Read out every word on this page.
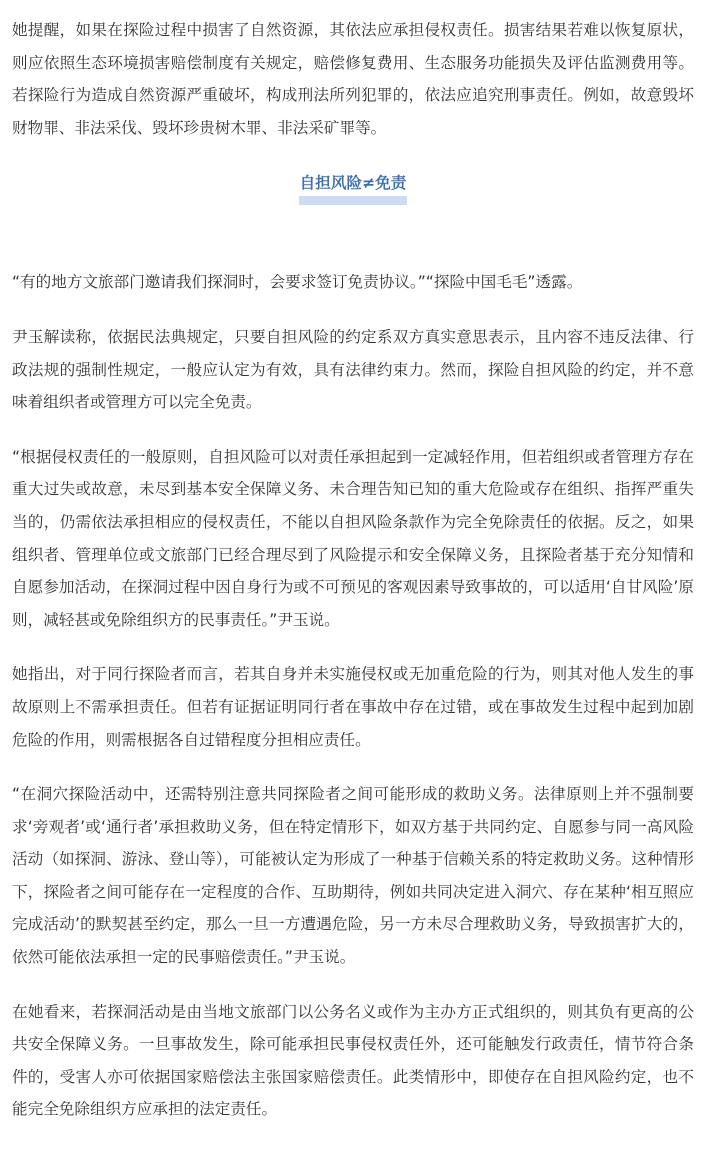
她提醒，如果在探险过程中损害了自然资源，其依法应承担侵权责任。损害结果若难以恢复原状，则应依照生态环境损害赔偿制度有关规定，赔偿修复费用、生态服务功能损失及评估监测费用等。若探险行为造成自然资源严重破坏，构成刑法所列犯罪的，依法应追究刑事责任。例如，故意毁坏财物罪、非法采伐、毁坏珍贵树木罪、非法采矿罪等。

自担风险≠免责

“有的地方文旅部门邀请我们探洞时，会要求签订免责协议。”“探险中国毛毛”透露。

尹玉解读称，依据民法典规定，只要自担风险的约定系双方真实意思表示，且内容不违反法律、行政法规的强制性规定，一般应认定为有效，具有法律约束力。然而，探险自担风险的约定，并不意味着组织者或管理方可以完全免责。

“根据侵权责任的一般原则，自担风险可以对责任承担起到一定减轻作用，但若组织或者管理方存在重大过失或故意，未尽到基本安全保障义务、未合理告知已知的重大危险或存在组织、指挥严重失当的，仍需依法承担相应的侵权责任，不能以自担风险条款作为完全免除责任的依据。反之，如果组织者、管理单位或文旅部门已经合理尽到了风险提示和安全保障义务，且探险者基于充分知情和自愿参加活动，在探洞过程中因自身行为或不可预见的客观因素导致事故的，可以适用‘自甘风险’原则，减轻甚或免除组织方的民事责任。”尹玉说。

她指出，对于同行探险者而言，若其自身并未实施侵权或无加重危险的行为，则其对他人发生的事故原则上不需承担责任。但若有证据证明同行者在事故中存在过错，或在事故发生过程中起到加剧危险的作用，则需根据各自过错程度分担相应责任。

“在洞穴探险活动中，还需特别注意共同探险者之间可能形成的救助义务。法律原则上并不强制要求‘旁观者’或‘通行者’承担救助义务，但在特定情形下，如双方基于共同约定、自愿参与同一高风险活动（如探洞、游泳、登山等），可能被认定为形成了一种基于信赖关系的特定救助义务。这种情形下，探险者之间可能存在一定程度的合作、互助期待，例如共同决定进入洞穴、存在某种‘相互照应完成活动’的默契甚至约定，那么一旦一方遭遇危险，另一方未尽合理救助义务，导致损害扩大的，依然可能依法承担一定的民事赔偿责任。”尹玉说。

在她看来，若探洞活动是由当地文旅部门以公务名义或作为主办方正式组织的，则其负有更高的公共安全保障义务。一旦事故发生，除可能承担民事侵权责任外，还可能触发行政责任，情节符合条件的，受害人亦可依据国家赔偿法主张国家赔偿责任。此类情形中，即使存在自担风险约定，也不能完全免除组织方应承担的法定责任。
